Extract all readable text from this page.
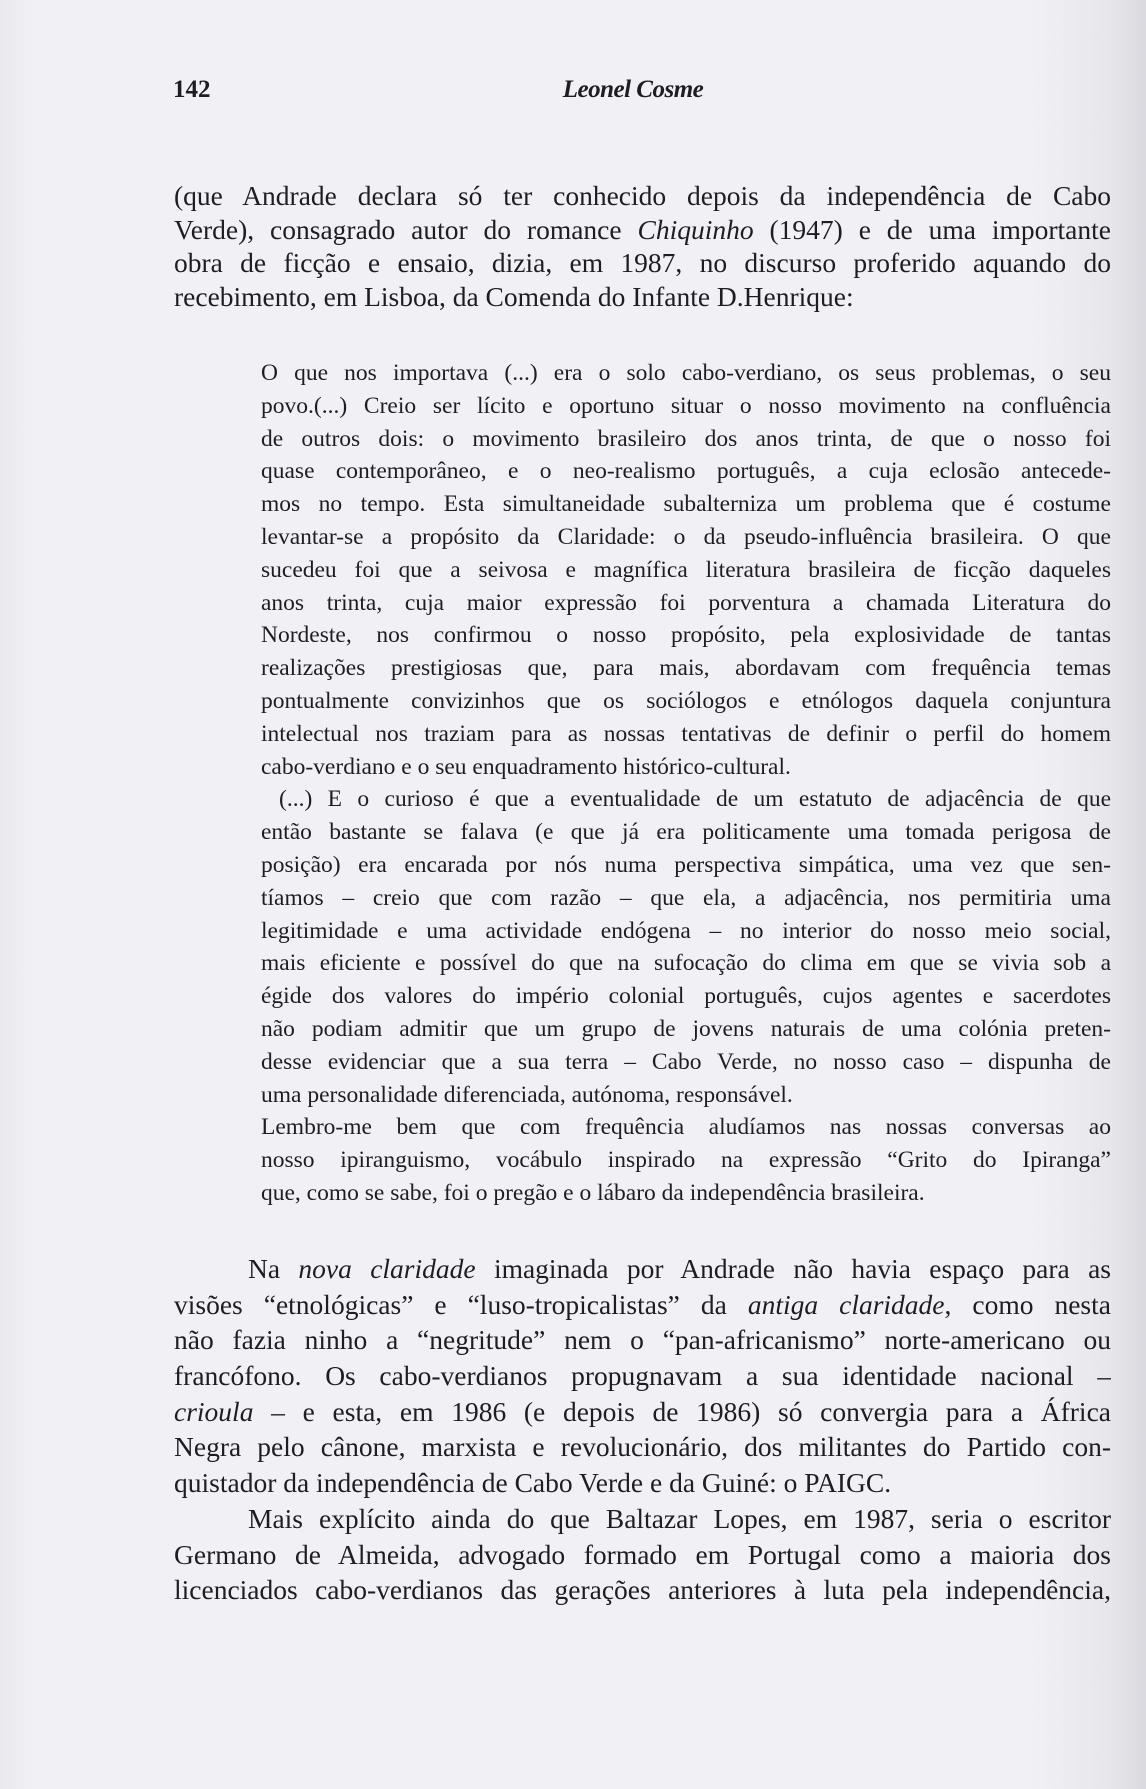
142	Leonel Cosme
(que Andrade declara só ter conhecido depois da independência de Cabo
Verde), consagrado autor do romance Chiquinho (1947) e de uma importante
obra de ficção e ensaio, dizia, em 1987, no discurso proferido aquando do
recebimento, em Lisboa, da Comenda do Infante D.Henrique:
O que nos importava (...) era o solo cabo-verdiano, os seus problemas, o seu
povo.(...) Creio ser lícito e oportuno situar o nosso movimento na confluência
de outros dois: o movimento brasileiro dos anos trinta, de que o nosso foi
quase contemporâneo, e o neo-realismo português, a cuja eclosão antecede-
mos no tempo. Esta simultaneidade subalterniza um problema que é costume
levantar-se a propósito da Claridade: o da pseudo-influência brasileira. O que
sucedeu foi que a seivosa e magnífica literatura brasileira de ficção daqueles
anos trinta, cuja maior expressão foi porventura a chamada Literatura do
Nordeste, nos confirmou o nosso propósito, pela explosividade de tantas
realizações prestigiosas que, para mais, abordavam com frequência temas
pontualmente convizinhos que os sociólogos e etnólogos daquela conjuntura
intelectual nos traziam para as nossas tentativas de definir o perfil do homem
cabo-verdiano e o seu enquadramento histórico-cultural.
(...) E o curioso é que a eventualidade de um estatuto de adjacência de que
então bastante se falava (e que já era politicamente uma tomada perigosa de
posição) era encarada por nós numa perspectiva simpática, uma vez que sen-
tíamos – creio que com razão – que ela, a adjacência, nos permitiria uma
legitimidade e uma actividade endógena – no interior do nosso meio social,
mais eficiente e possível do que na sufocação do clima em que se vivia sob a
égide dos valores do império colonial português, cujos agentes e sacerdotes
não podiam admitir que um grupo de jovens naturais de uma colónia preten-
desse evidenciar que a sua terra – Cabo Verde, no nosso caso – dispunha de
uma personalidade diferenciada, autónoma, responsável.
Lembro-me bem que com frequência aludíamos nas nossas conversas ao
nosso ipiranguismo, vocábulo inspirado na expressão “Grito do Ipiranga”
que, como se sabe, foi o pregão e o lábaro da independência brasileira.
Na nova claridade imaginada por Andrade não havia espaço para as
visões “etnológicas” e “luso-tropicalistas” da antiga claridade, como nesta
não fazia ninho a “negritude” nem o “pan-africanismo” norte-americano ou
francófono. Os cabo-verdianos propugnavam a sua identidade nacional –
crioula – e esta, em 1986 (e depois de 1986) só convergia para a África
Negra pelo cânone, marxista e revolucionário, dos militantes do Partido con-
quistador da independência de Cabo Verde e da Guiné: o PAIGC.
Mais explícito ainda do que Baltazar Lopes, em 1987, seria o escritor
Germano de Almeida, advogado formado em Portugal como a maioria dos
licenciados cabo-verdianos das gerações anteriores à luta pela independência,
